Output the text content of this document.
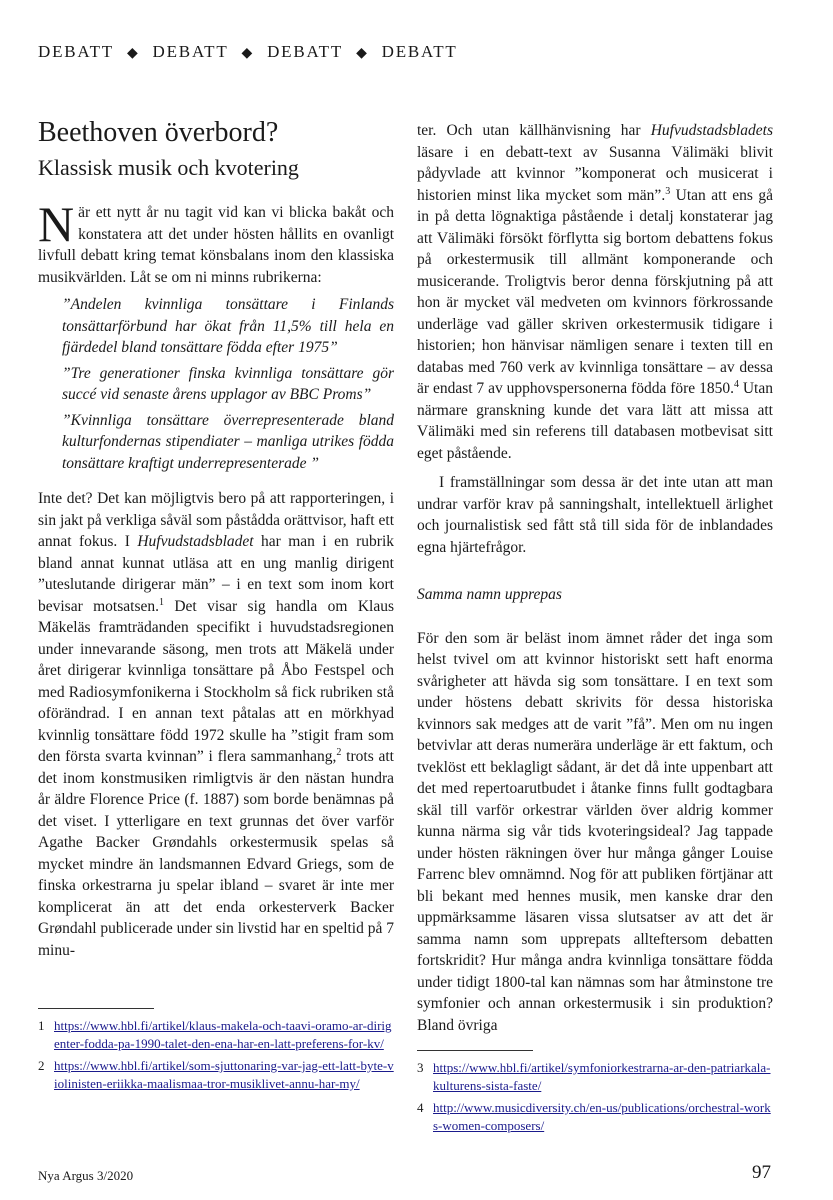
DEBATT ◆ DEBATT ◆ DEBATT ◆ DEBATT
Beethoven överbord?
Klassisk musik och kvotering
När ett nytt år nu tagit vid kan vi blicka bakåt och konstatera att det under hösten hållits en ovanligt livfull debatt kring temat könsbalans inom den klassiska musikvärlden. Låt se om ni minns rubrikerna:
”Andelen kvinnliga tonsättare i Finlands tonsättarförbund har ökat från 11,5% till hela en fjärdedel bland tonsättare födda efter 1975”
”Tre generationer finska kvinnliga tonsättare gör succé vid senaste årens upplagor av BBC Proms”
”Kvinnliga tonsättare överrepresenterade bland kulturfondernas stipendiater – manliga utrikes födda tonsättare kraftigt underrepresenterade ”

Inte det? Det kan möjligtvis bero på att rapporteringen, i sin jakt på verkliga såväl som påstådda orättvisor, haft ett annat fokus. I Hufvudstadsbladet har man i en rubrik bland annat kunnat utläsa att en ung manlig dirigent ”uteslutande dirigerar män” – i en text som inom kort bevisar motsatsen.$^1$ Det visar sig handla om Klaus Mäkeläs framträdanden specifikt i huvudstadsregionen under innevarande säsong, men trots att Mäkelä under året dirigerar kvinnliga tonsättare på Åbo Festspel och med Radiosymfonikerna i Stockholm så fick rubriken stå oförändrad. I en annan text påtalas att en mörkhyad kvinnlig tonsättare född 1972 skulle ha ”stigit fram som den första svarta kvinnan” i flera sammanhang,$^2$ trots att det inom konstmusiken rimligtvis är den nästan hundra år äldre Florence Price (f. 1887) som borde benämnas på det viset. I ytterligare en text grunnas det över varför Agathe Backer Grøndahls orkestermusik spelas så mycket mindre än landsmannen Edvard Griegs, som de finska orkestrarna ju spelar ibland – svaret är inte mer komplicerat än att det enda orkesterverk Backer Grøndahl publicerade under sin livstid har en speltid på 7 minu-

ter. Och utan källhänvisning har Hufvudstadsbladets läsare i en debatt-text av Susanna Välimäki blivit pådyvlade att kvinnor ”komponerat och musicerat i historien minst lika mycket som män”.$^3$ Utan att ens gå in på detta lögnaktiga påstående i detalj konstaterar jag att Välimäki försökt förflytta sig bortom debattens fokus på orkestermusik till allmänt komponerande och musicerande. Troligtvis beror denna förskjutning på att hon är mycket väl medveten om kvinnors förkrossande underläge vad gäller skriven orkestermusik tidigare i historien; hon hänvisar nämligen senare i texten till en databas med 760 verk av kvinnliga tonsättare – av dessa är endast 7 av upphovspersonerna födda före 1850.$^4$ Utan närmare granskning kunde det vara lätt att missa att Välimäki med sin referens till databasen motbevisat sitt eget påstående.

I framställningar som dessa är det inte utan att man undrar varför krav på sanningshalt, intellektuell ärlighet och journalistisk sed fått stå till sida för de inblandades egna hjärtefrågor.

Samma namn upprepas

För den som är beläst inom ämnet råder det inga som helst tvivel om att kvinnor historiskt sett haft enorma svårigheter att hävda sig som tonsättare. I en text som under höstens debatt skrivits för dessa historiska kvinnors sak medges att de varit ”få”. Men om nu ingen betvivlar att deras numerära underläge är ett faktum, och tveklöst ett beklagligt sådant, är det då inte uppenbart att det med repertoarutbudet i åtanke finns fullt godtagbara skäl till varför orkestrar världen över aldrig kommer kunna närma sig vår tids kvoteringsideal? Jag tappade under hösten räkningen över hur många gånger Louise Farrenc blev omnämnd. Nog för att publiken förtjänar att bli bekant med hennes musik, men kanske drar den uppmärksamme läsaren vissa slutsatser av att det är samma namn som upprepats allteftersom debatten fortskridit? Hur många andra kvinnliga tonsättare födda under tidigt 1800-tal kan nämnas som har åtminstone tre symfonier och annan orkestermusik i sin produktion? Bland övriga

1 https://www.hbl.fi/artikel/klaus-makela-och-taavi-oramo-ar-dirigenter-fodda-pa-1990-talet-den-ena-har-en-latt-preferens-for-kv/
2 https://www.hbl.fi/artikel/som-sjuttonaring-var-jag-ett-latt-byte-violinisten-eriikka-maalismaa-tror-musiklivet-annu-har-my/
3 https://www.hbl.fi/artikel/symfoniorkestrarna-ar-den-patriarkala-kulturens-sista-faste/
4 http://www.musicdiversity.ch/en-us/publications/orchestral-works-women-composers/
Nya Argus 3/2020	97
